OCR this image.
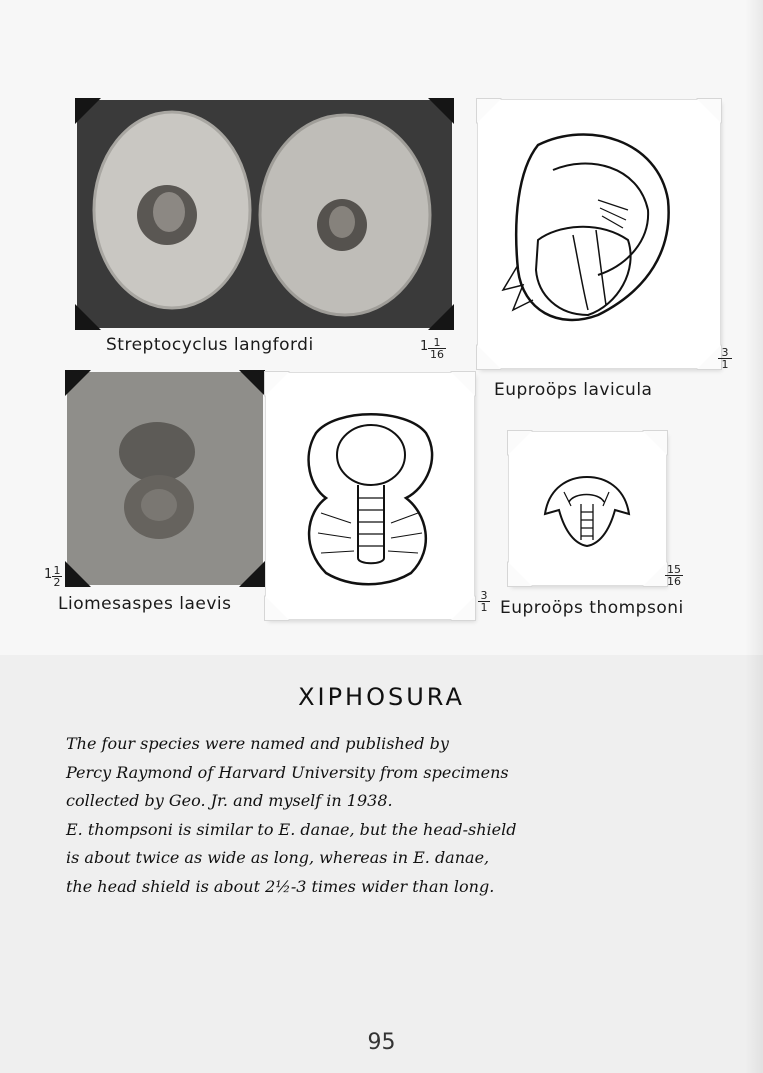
Streptocyclus langfordi	1 1
16	$\frac{3}{1}$
Euproöps lavicula
1 1
2
Liomesaspes laevis	$\frac{3}{1}$
$\frac{15}{16}$
Euproöps thompsoni
XIPHOSURA

The four species were named and published by

Percy Raymond of Harvard University from specimens

collected by Geo. Jr. and myself in 1938.

E. thompsoni is similar to E. danae, but the head-shield

is about twice as wide as long, whereas in E. danae,

the head shield is about 2½-3 times wider than long.

95
